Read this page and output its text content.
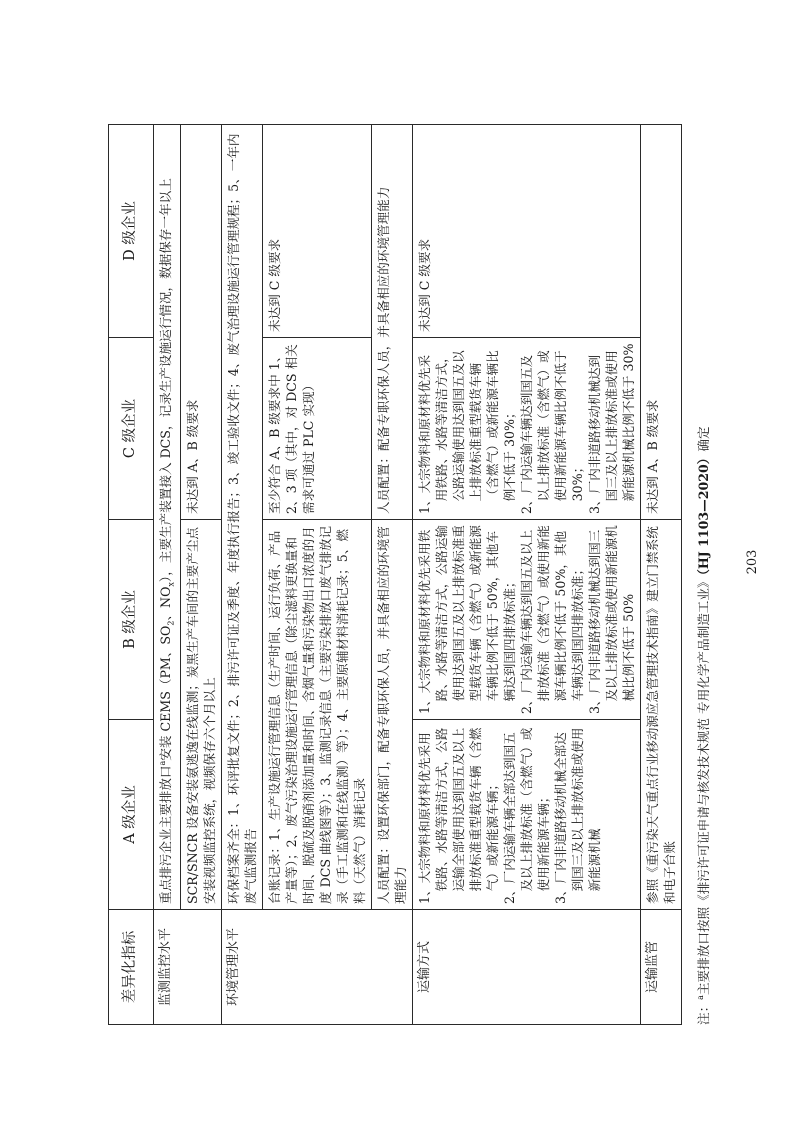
差异化指标	A 级企业	B 级企业	C 级企业	D 级企业
监测监控水平	重点排污企业主要排放口$^a$安装 CEMS（PM、$SO_2$、$NO_x$），主要生产装置接入 DCS，记录生产设施运行情况，数据保存一年以上			
	SCR/SNCR 设备安装氨逃逸在线监测；炭黑生产车间的主要产尘点安装视频监控系统，视频保存六个月以上		未达到 A、B 级要求	
环境管理水平	环保档案齐全：1、环评批复文件；2、排污许可证及季度、年度执行报告；3、竣工验收文件；4、废气治理设施运行管理规程；5、一年内废气监测报告			
	台账记录：1、生产设施运行管理信息（生产时间、运行负荷、产品产量等）；2、废气污染治理设施运行管理信息（除尘滤料更换量和时间、脱硫及脱硝剂添加量和时间、含烟气量和污染物出口浓度的月度 DCS 曲线图等）；3、监测记录信息（主要污染排放口废气排放记录（手工监测和在线监测）等）；4、主要原辅材料消耗记录；5、燃料（天然气）消耗记录		至少符合 A、B 级要求中 1、2、3 项（其中，对 DCS 相关需求可通过 PLC 实现）	未达到 C 级要求
	人员配置：设置环保部门，配备专职环保人员，并具备相应的环境管理能力		人员配置：配备专职环保人员，并具备相应的环境管理能力	
运输方式	1、大宗物料和原材料优先采用铁路、水路等清洁方式，公路运输全部使用达到国五及以上排放标准重型载货车辆（含燃气）或新能源车辆； 2、厂内运输车辆全部达到国五及以上排放标准（含燃气）或使用新能源车辆； 3、厂内非道路移动机械全部达到国三及以上排放标准或使用新能源机械	1、大宗物料和原材料优先采用铁路、水路等清洁方式，公路运输使用达到国五及以上排放标准重型载货车辆（含燃气）或新能源车辆比例不低于 50%，其他车辆达到国四排放标准； 2、厂内运输车辆达到国五及以上排放标准（含燃气）或使用新能源车辆比例不低于 50%，其他车辆达到国四排放标准； 3、厂内非道路移动机械达到国三及以上排放标准或使用新能源机械比例不低于 50%	1、大宗物料和原材料优先采用铁路、水路等清洁方式，公路运输使用达到国五及以上排放标准重型载货车辆（含燃气）或新能源车辆比例不低于 30%； 2、厂内运输车辆达到国五及以上排放标准（含燃气）或使用新能源车辆比例不低于 30%； 3、厂内非道路移动机械达到国三及以上排放标准或使用新能源机械比例不低于 30%	未达到 C 级要求
运输监管	参照《重污染天气重点行业移动源应急管理技术指南》建立门禁系统和电子台账		未达到 A、B 级要求	
注：$^a$主要排放口按照《排污许可证申请与核发技术规范 专用化学产品制造工业》（HJ 1103—2020）确定
203
